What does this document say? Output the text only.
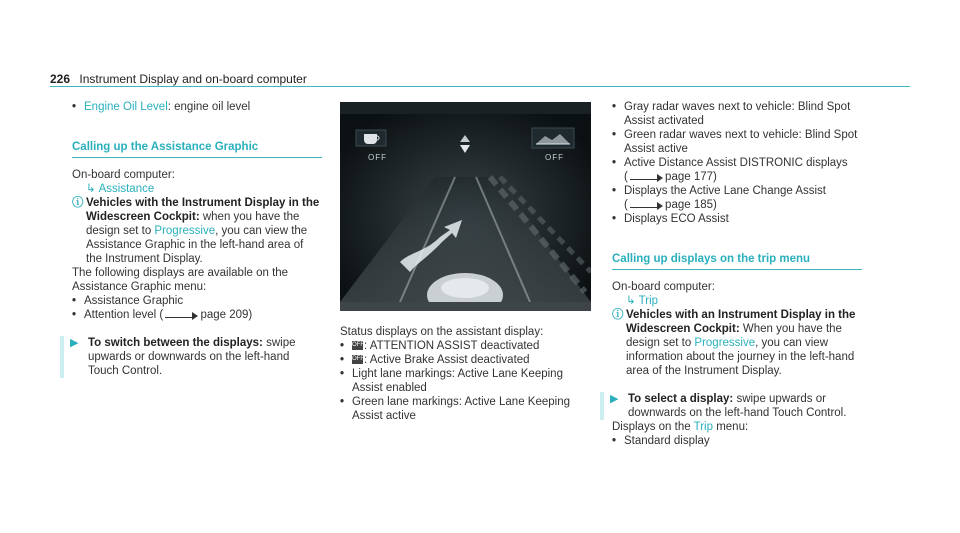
226 Instrument Display and on-board computer

• Engine Oil Level: engine oil level

Calling up the Assistance Graphic

On-board computer:

↳ Assistance

ⓘ Vehicles with the Instrument Display in the Widescreen Cockpit: when you have the design set to Progressive, you can view the Assistance Graphic in the left-hand area of the Instrument Display.

The following displays are available on the Assistance Graphic menu:

• Assistance Graphic

• Attention level (	page 209)

▶ To switch between the displays: swipe upwards or downwards on the left-hand Touch Control.
OFF	OFF

Status displays on the assistant display:

• OFF: ATTENTION ASSIST deactivated

• OFF: Active Brake Assist deactivated

• Light lane markings: Active Lane Keeping Assist enabled

• Green lane markings: Active Lane Keeping Assist active

• Gray radar waves next to vehicle: Blind Spot Assist activated

• Green radar waves next to vehicle: Blind Spot Assist active

• Active Distance Assist DISTRONIC displays
(	page 177)

• Displays the Active Lane Change Assist
(	page 185)

• Displays ECO Assist

Calling up displays on the trip menu

On-board computer:

↳ Trip

ⓘ Vehicles with an Instrument Display in the Widescreen Cockpit: When you have the design set to Progressive, you can view information about the journey in the left-hand area of the Instrument Display.
▶ To select a display: swipe upwards or downwards on the left-hand Touch Control.

Displays on the Trip menu:

• Standard display
